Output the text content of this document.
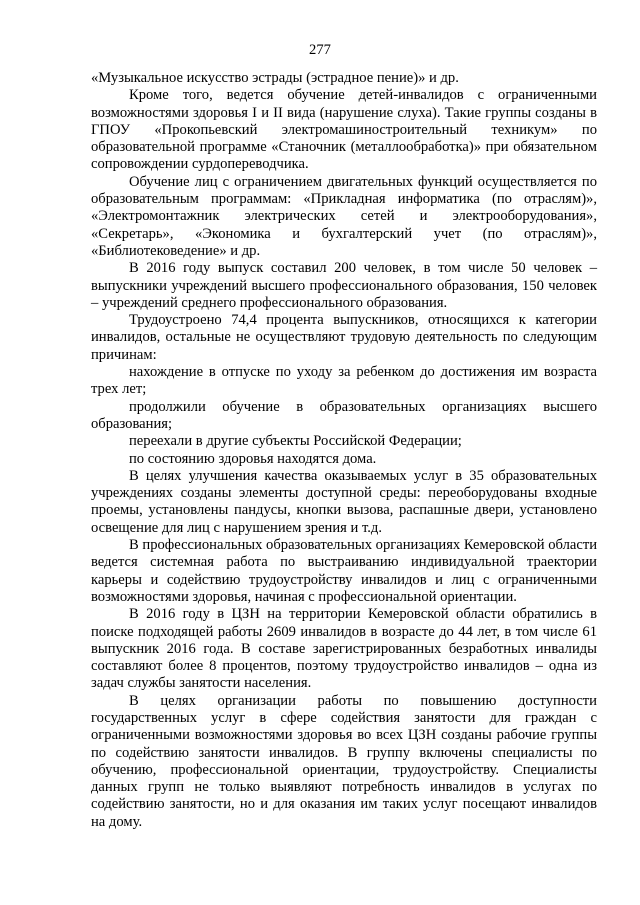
277

«Музыкальное искусство эстрады (эстрадное пение)» и др.

Кроме того, ведется обучение детей-инвалидов с ограниченными возможностями здоровья I и II вида (нарушение слуха). Такие группы созданы в ГПОУ «Прокопьевский электромашиностроительный техникум» по образовательной программе «Станочник (металлообработка)» при обязательном сопровождении сурдопереводчика.

Обучение лиц с ограничением двигательных функций осуществляется по образовательным программам: «Прикладная информатика (по отраслям)», «Электромонтажник электрических сетей и электрооборудования», «Секретарь», «Экономика и бухгалтерский учет (по отраслям)», «Библиотековедение» и др.

В 2016 году выпуск составил 200 человек, в том числе 50 человек – выпускники учреждений высшего профессионального образования, 150 человек – учреждений среднего профессионального образования.

Трудоустроено 74,4 процента выпускников, относящихся к категории инвалидов, остальные не осуществляют трудовую деятельность по следующим причинам:

нахождение в отпуске по уходу за ребенком до достижения им возраста трех лет;

продолжили обучение в образовательных организациях высшего образования;

переехали в другие субъекты Российской Федерации;

по состоянию здоровья находятся дома.

В целях улучшения качества оказываемых услуг в 35 образовательных учреждениях созданы элементы доступной среды: переоборудованы входные проемы, установлены пандусы, кнопки вызова, распашные двери, установлено освещение для лиц с нарушением зрения и т.д.

В профессиональных образовательных организациях Кемеровской области ведется системная работа по выстраиванию индивидуальной траектории карьеры и содействию трудоустройству инвалидов и лиц с ограниченными возможностями здоровья, начиная с профессиональной ориентации.

В 2016 году в ЦЗН на территории Кемеровской области обратились в поиске подходящей работы 2609 инвалидов в возрасте до 44 лет, в том числе 61 выпускник 2016 года. В составе зарегистрированных безработных инвалиды составляют более 8 процентов, поэтому трудоустройство инвалидов – одна из задач службы занятости населения.

В целях организации работы по повышению доступности государственных услуг в сфере содействия занятости для граждан с ограниченными возможностями здоровья во всех ЦЗН созданы рабочие группы по содействию занятости инвалидов. В группу включены специалисты по обучению, профессиональной ориентации, трудоустройству. Специалисты данных групп не только выявляют потребность инвалидов в услугах по содействию занятости, но и для оказания им таких услуг посещают инвалидов на дому.
